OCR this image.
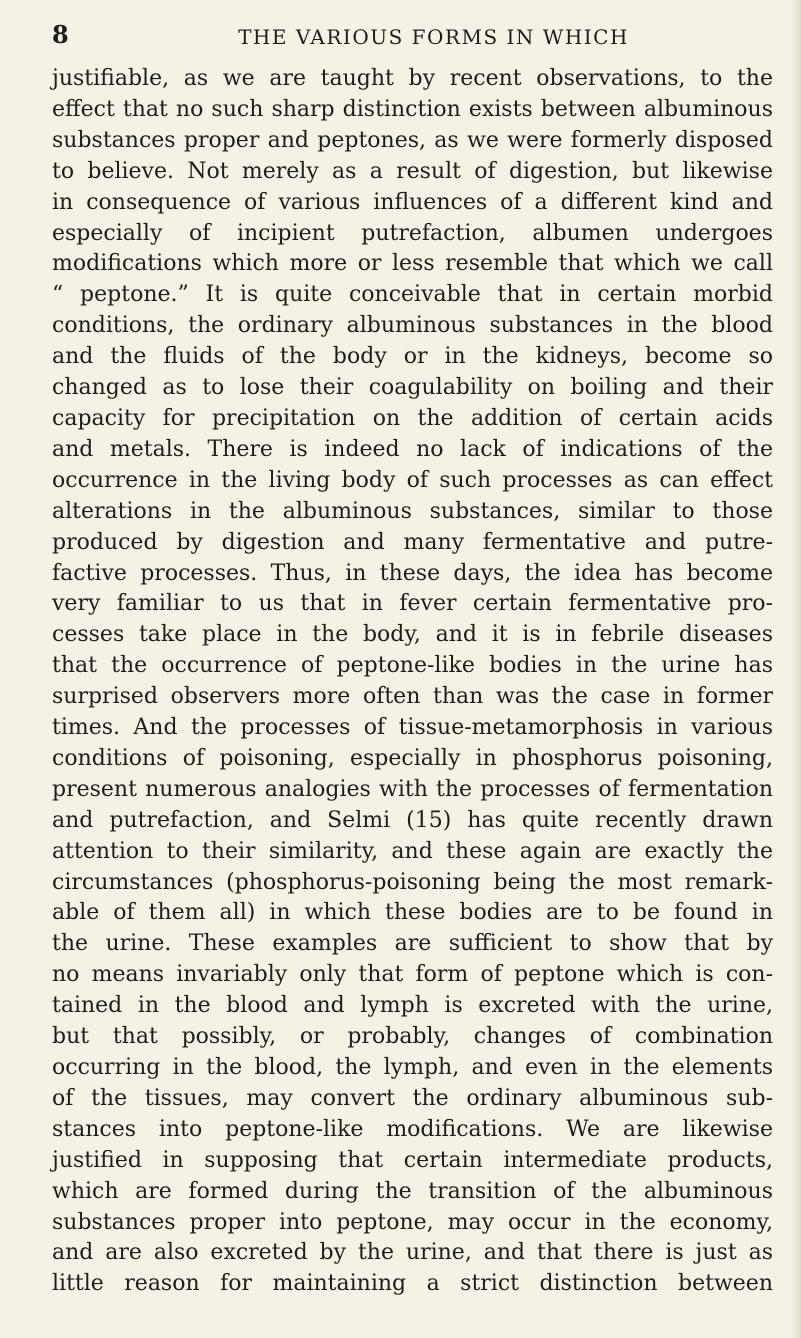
8	THE VARIOUS FORMS IN WHICH
justifiable, as we are taught by recent observations, to the
effect that no such sharp distinction exists between albuminous
substances proper and peptones, as we were formerly disposed
to believe. Not merely as a result of digestion, but likewise
in consequence of various influences of a different kind and
especially of incipient putrefaction, albumen undergoes
modifications which more or less resemble that which we call
“ peptone.” It is quite conceivable that in certain morbid
conditions, the ordinary albuminous substances in the blood
and the fluids of the body or in the kidneys, become so
changed as to lose their coagulability on boiling and their
capacity for precipitation on the addition of certain acids
and metals. There is indeed no lack of indications of the
occurrence in the living body of such processes as can effect
alterations in the albuminous substances, similar to those
produced by digestion and many fermentative and putre-
factive processes. Thus, in these days, the idea has become
very familiar to us that in fever certain fermentative pro-
cesses take place in the body, and it is in febrile diseases
that the occurrence of peptone-like bodies in the urine has
surprised observers more often than was the case in former
times. And the processes of tissue-metamorphosis in various
conditions of poisoning, especially in phosphorus poisoning,
present numerous analogies with the processes of fermentation
and putrefaction, and Selmi (15) has quite recently drawn
attention to their similarity, and these again are exactly the
circumstances (phosphorus-poisoning being the most remark-
able of them all) in which these bodies are to be found in
the urine. These examples are sufficient to show that by
no means invariably only that form of peptone which is con-
tained in the blood and lymph is excreted with the urine,
but that possibly, or probably, changes of combination
occurring in the blood, the lymph, and even in the elements
of the tissues, may convert the ordinary albuminous sub-
stances into peptone-like modifications. We are likewise
justified in supposing that certain intermediate products,
which are formed during the transition of the albuminous
substances proper into peptone, may occur in the economy,
and are also excreted by the urine, and that there is just as
little reason for maintaining a strict distinction between
